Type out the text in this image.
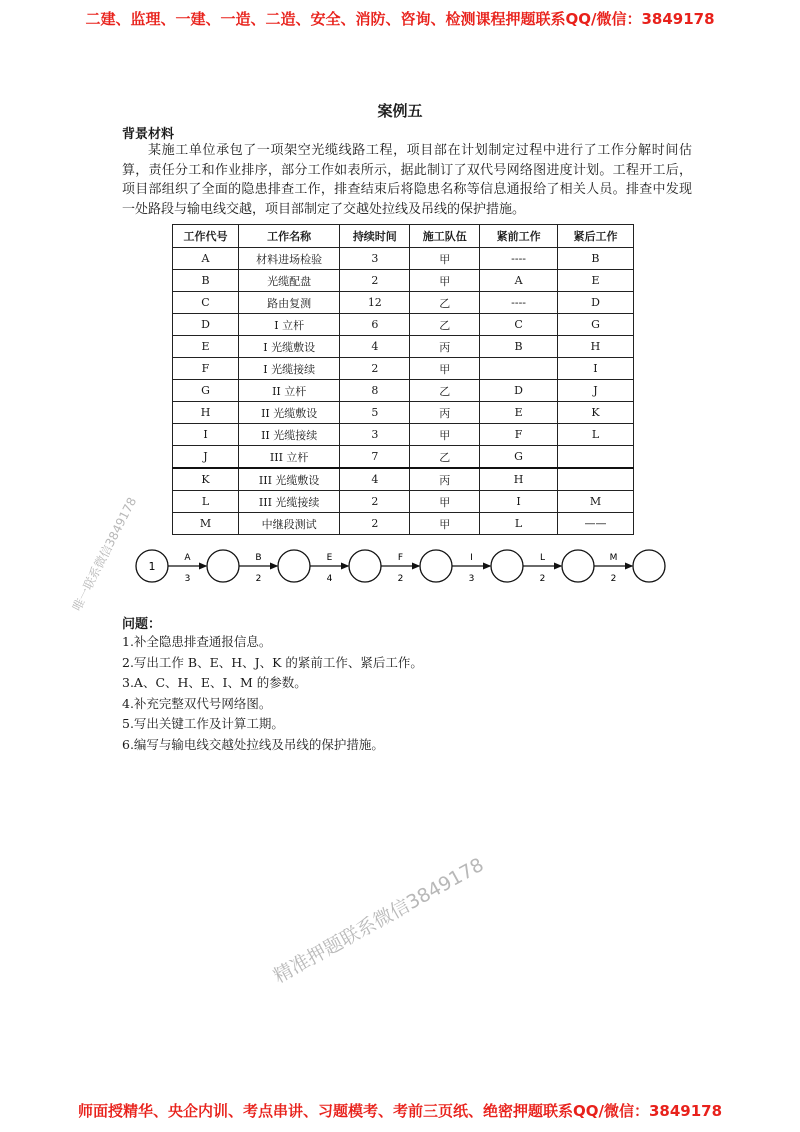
二建、监理、一建、一造、二造、安全、消防、咨询、检测课程押题联系QQ/微信：3849178
案例五
背景材料
某施工单位承包了一项架空光缆线路工程，项目部在计划制定过程中进行了工作分解时间估算，责任分工和作业排序，部分工作如表所示，据此制订了双代号网络图进度计划。工程开工后，项目部组织了全面的隐患排查工作，排查结束后将隐患名称等信息通报给了相关人员。排查中发现一处路段与输电线交越，项目部制定了交越处拉线及吊线的保护措施。
工作代号	工作名称	持续时间	施工队伍	紧前工作	紧后工作
A	材料进场检验	3	甲	----	B
B	光缆配盘	2	甲	A	E
C	路由复测	12	乙	----	D
D	I 立杆	6	乙	C	G
E	I 光缆敷设	4	丙	B	H
F	I 光缆接续	2	甲		I
G	II 立杆	8	乙	D	J
H	II 光缆敷设	5	丙	E	K
I	II 光缆接续	3	甲	F	L
J	III 立杆	7	乙	G	
K	III 光缆敷设	4	丙	H	
L	III 光缆接续	2	甲	I	M
M	中继段测试	2	甲	L	——
1
A
3
B
2
E
4
F
2
I
3
L
2
M
2
问题：
1.补全隐患排查通报信息。
2.写出工作 B、E、H、J、K 的紧前工作、紧后工作。
3.A、C、H、E、I、M 的参数。
4.补充完整双代号网络图。
5.写出关键工作及计算工期。
6.编写与输电线交越处拉线及吊线的保护措施。
唯一联系微信3849178
精准押题联系微信3849178
师面授精华、央企内训、考点串讲、习题模考、考前三页纸、绝密押题联系QQ/微信：3849178
